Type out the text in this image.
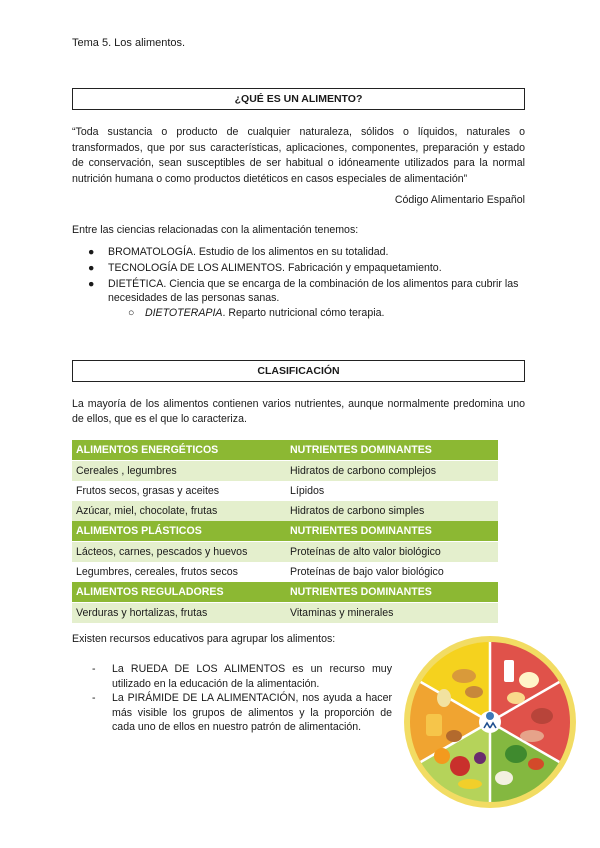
Tema 5. Los alimentos.
¿QUÉ ES UN ALIMENTO?
“Toda sustancia o producto de cualquier naturaleza, sólidos o líquidos, naturales o transformados, que por sus características, aplicaciones, componentes, preparación y estado de conservación, sean susceptibles de ser habitual o idóneamente utilizados para la normal nutrición humana o como productos dietéticos en casos especiales de alimentación”
Código Alimentario Español
Entre las ciencias relacionadas con la alimentación tenemos:
● BROMATOLOGÍA. Estudio de los alimentos en su totalidad.
● TECNOLOGÍA DE LOS ALIMENTOS. Fabricación y empaquetamiento.
● DIETÉTICA. Ciencia que se encarga de la combinación de los alimentos para cubrir las necesidades de las personas sanas.
○ DIETOTERAPIA. Reparto nutricional cómo terapia.
CLASIFICACIÓN
La mayoría de los alimentos contienen varios nutrientes, aunque normalmente predomina uno de ellos, que es el que lo caracteriza.
ALIMENTOS ENERGÉTICOS	NUTRIENTES DOMINANTES
Cereales , legumbres	Hidratos de carbono complejos
Frutos secos, grasas y aceites	Lípidos
Azúcar, miel, chocolate, frutas	Hidratos de carbono simples
ALIMENTOS PLÁSTICOS	NUTRIENTES DOMINANTES
Lácteos, carnes, pescados y huevos	Proteínas de alto valor biológico
Legumbres, cereales, frutos secos	Proteínas de bajo valor biológico
ALIMENTOS REGULADORES	NUTRIENTES DOMINANTES
Verduras y hortalizas, frutas	Vitaminas y minerales
Existen recursos educativos para agrupar los alimentos:
- La RUEDA DE LOS ALIMENTOS es un recurso muy utilizado en la educación de la alimentación.
- La PIRÁMIDE DE LA ALIMENTACIÓN, nos ayuda a hacer más visible los grupos de alimentos y la proporción de cada uno de ellos en nuestro patrón de alimentación.
